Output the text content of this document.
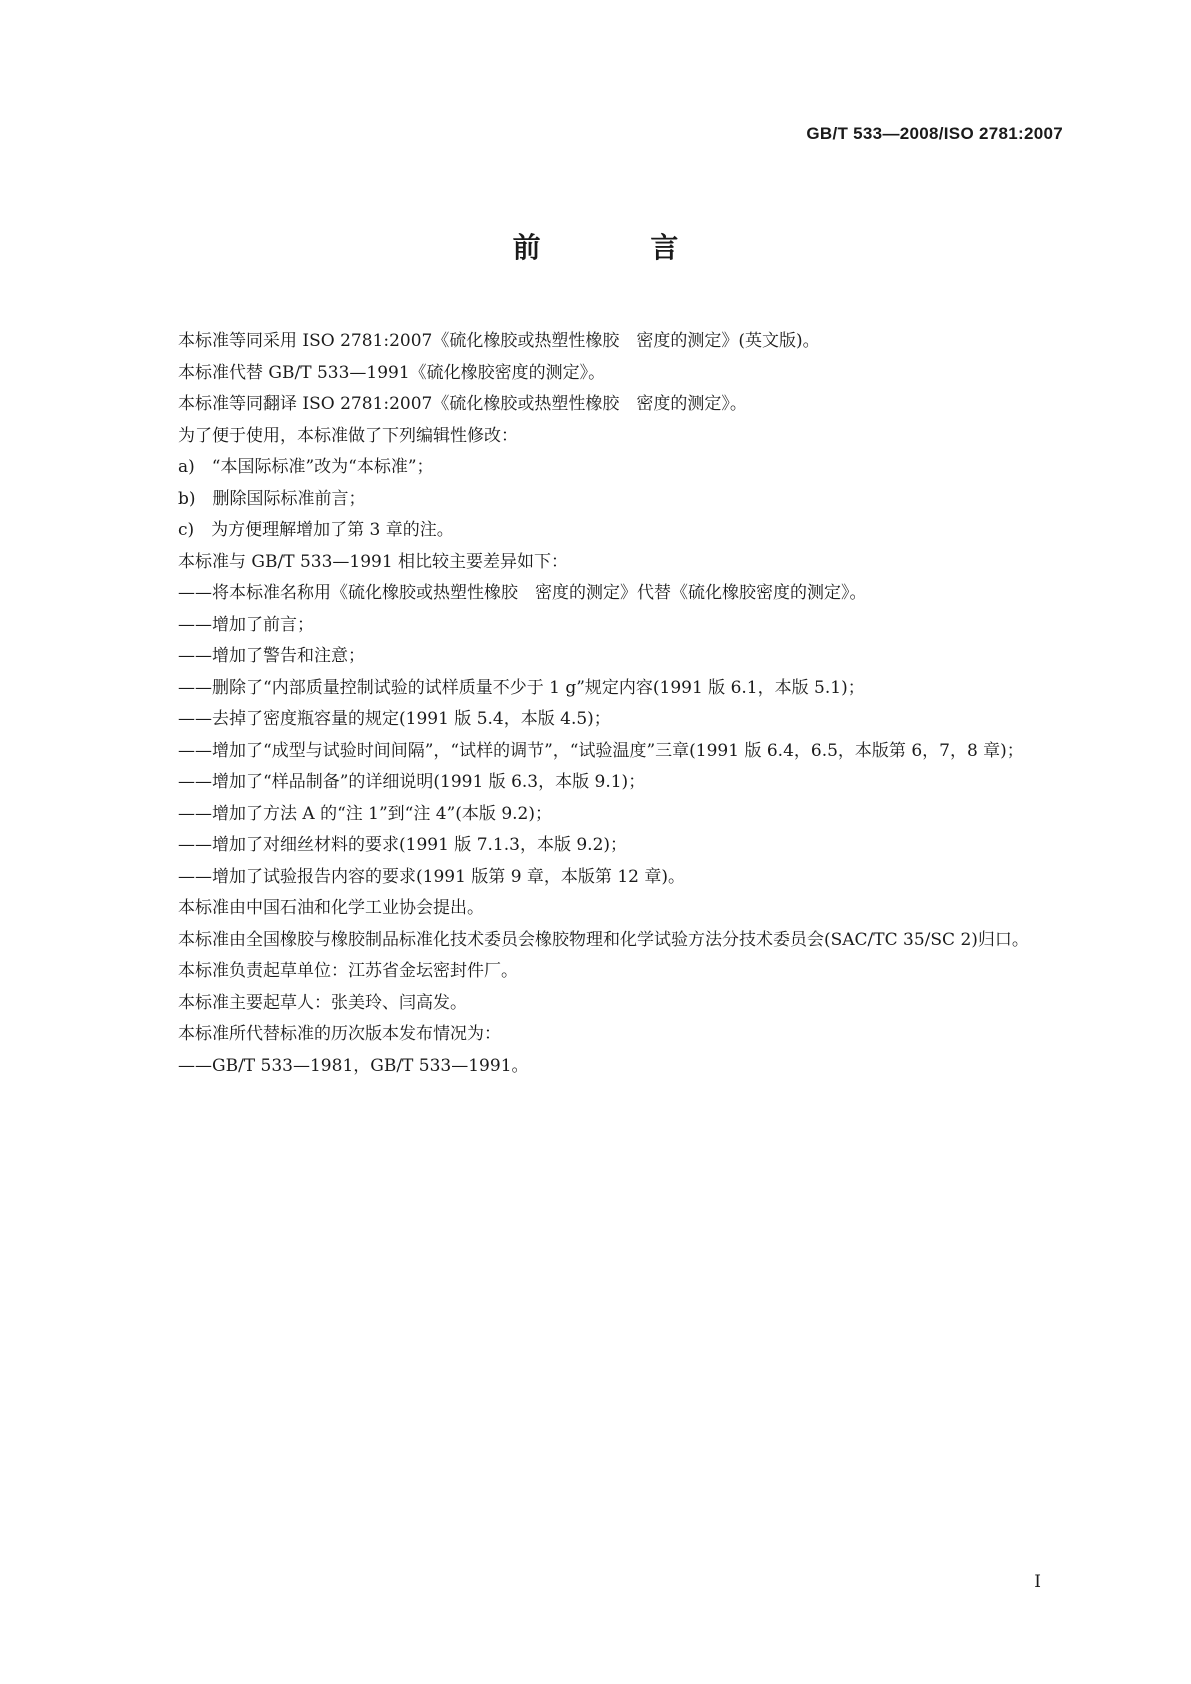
GB/T 533—2008/ISO 2781:2007
前 言

本标准等同采用 ISO 2781:2007《硫化橡胶或热塑性橡胶　密度的测定》(英文版)。

本标准代替 GB/T 533—1991《硫化橡胶密度的测定》。

本标准等同翻译 ISO 2781:2007《硫化橡胶或热塑性橡胶　密度的测定》。

为了便于使用，本标准做了下列编辑性修改：

a)　“本国际标准”改为“本标准”；

b)　删除国际标准前言；

c)　为方便理解增加了第 3 章的注。

本标准与 GB/T 533—1991 相比较主要差异如下：

——将本标准名称用《硫化橡胶或热塑性橡胶　密度的测定》代替《硫化橡胶密度的测定》。

——增加了前言；

——增加了警告和注意；

——删除了“内部质量控制试验的试样质量不少于 1 g”规定内容(1991 版 6.1，本版 5.1)；

——去掉了密度瓶容量的规定(1991 版 5.4，本版 4.5)；

——增加了“成型与试验时间间隔”，“试样的调节”，“试验温度”三章(1991 版 6.4，6.5，本版第 6，7，8 章)；

——增加了“样品制备”的详细说明(1991 版 6.3，本版 9.1)；

——增加了方法 A 的“注 1”到“注 4”(本版 9.2)；

——增加了对细丝材料的要求(1991 版 7.1.3，本版 9.2)；

——增加了试验报告内容的要求(1991 版第 9 章，本版第 12 章)。

本标准由中国石油和化学工业协会提出。

本标准由全国橡胶与橡胶制品标准化技术委员会橡胶物理和化学试验方法分技术委员会(SAC/TC 35/SC 2)归口。

本标准负责起草单位：江苏省金坛密封件厂。

本标准主要起草人：张美玲、闫高发。

本标准所代替标准的历次版本发布情况为：

——GB/T 533—1981，GB/T 533—1991。

I
